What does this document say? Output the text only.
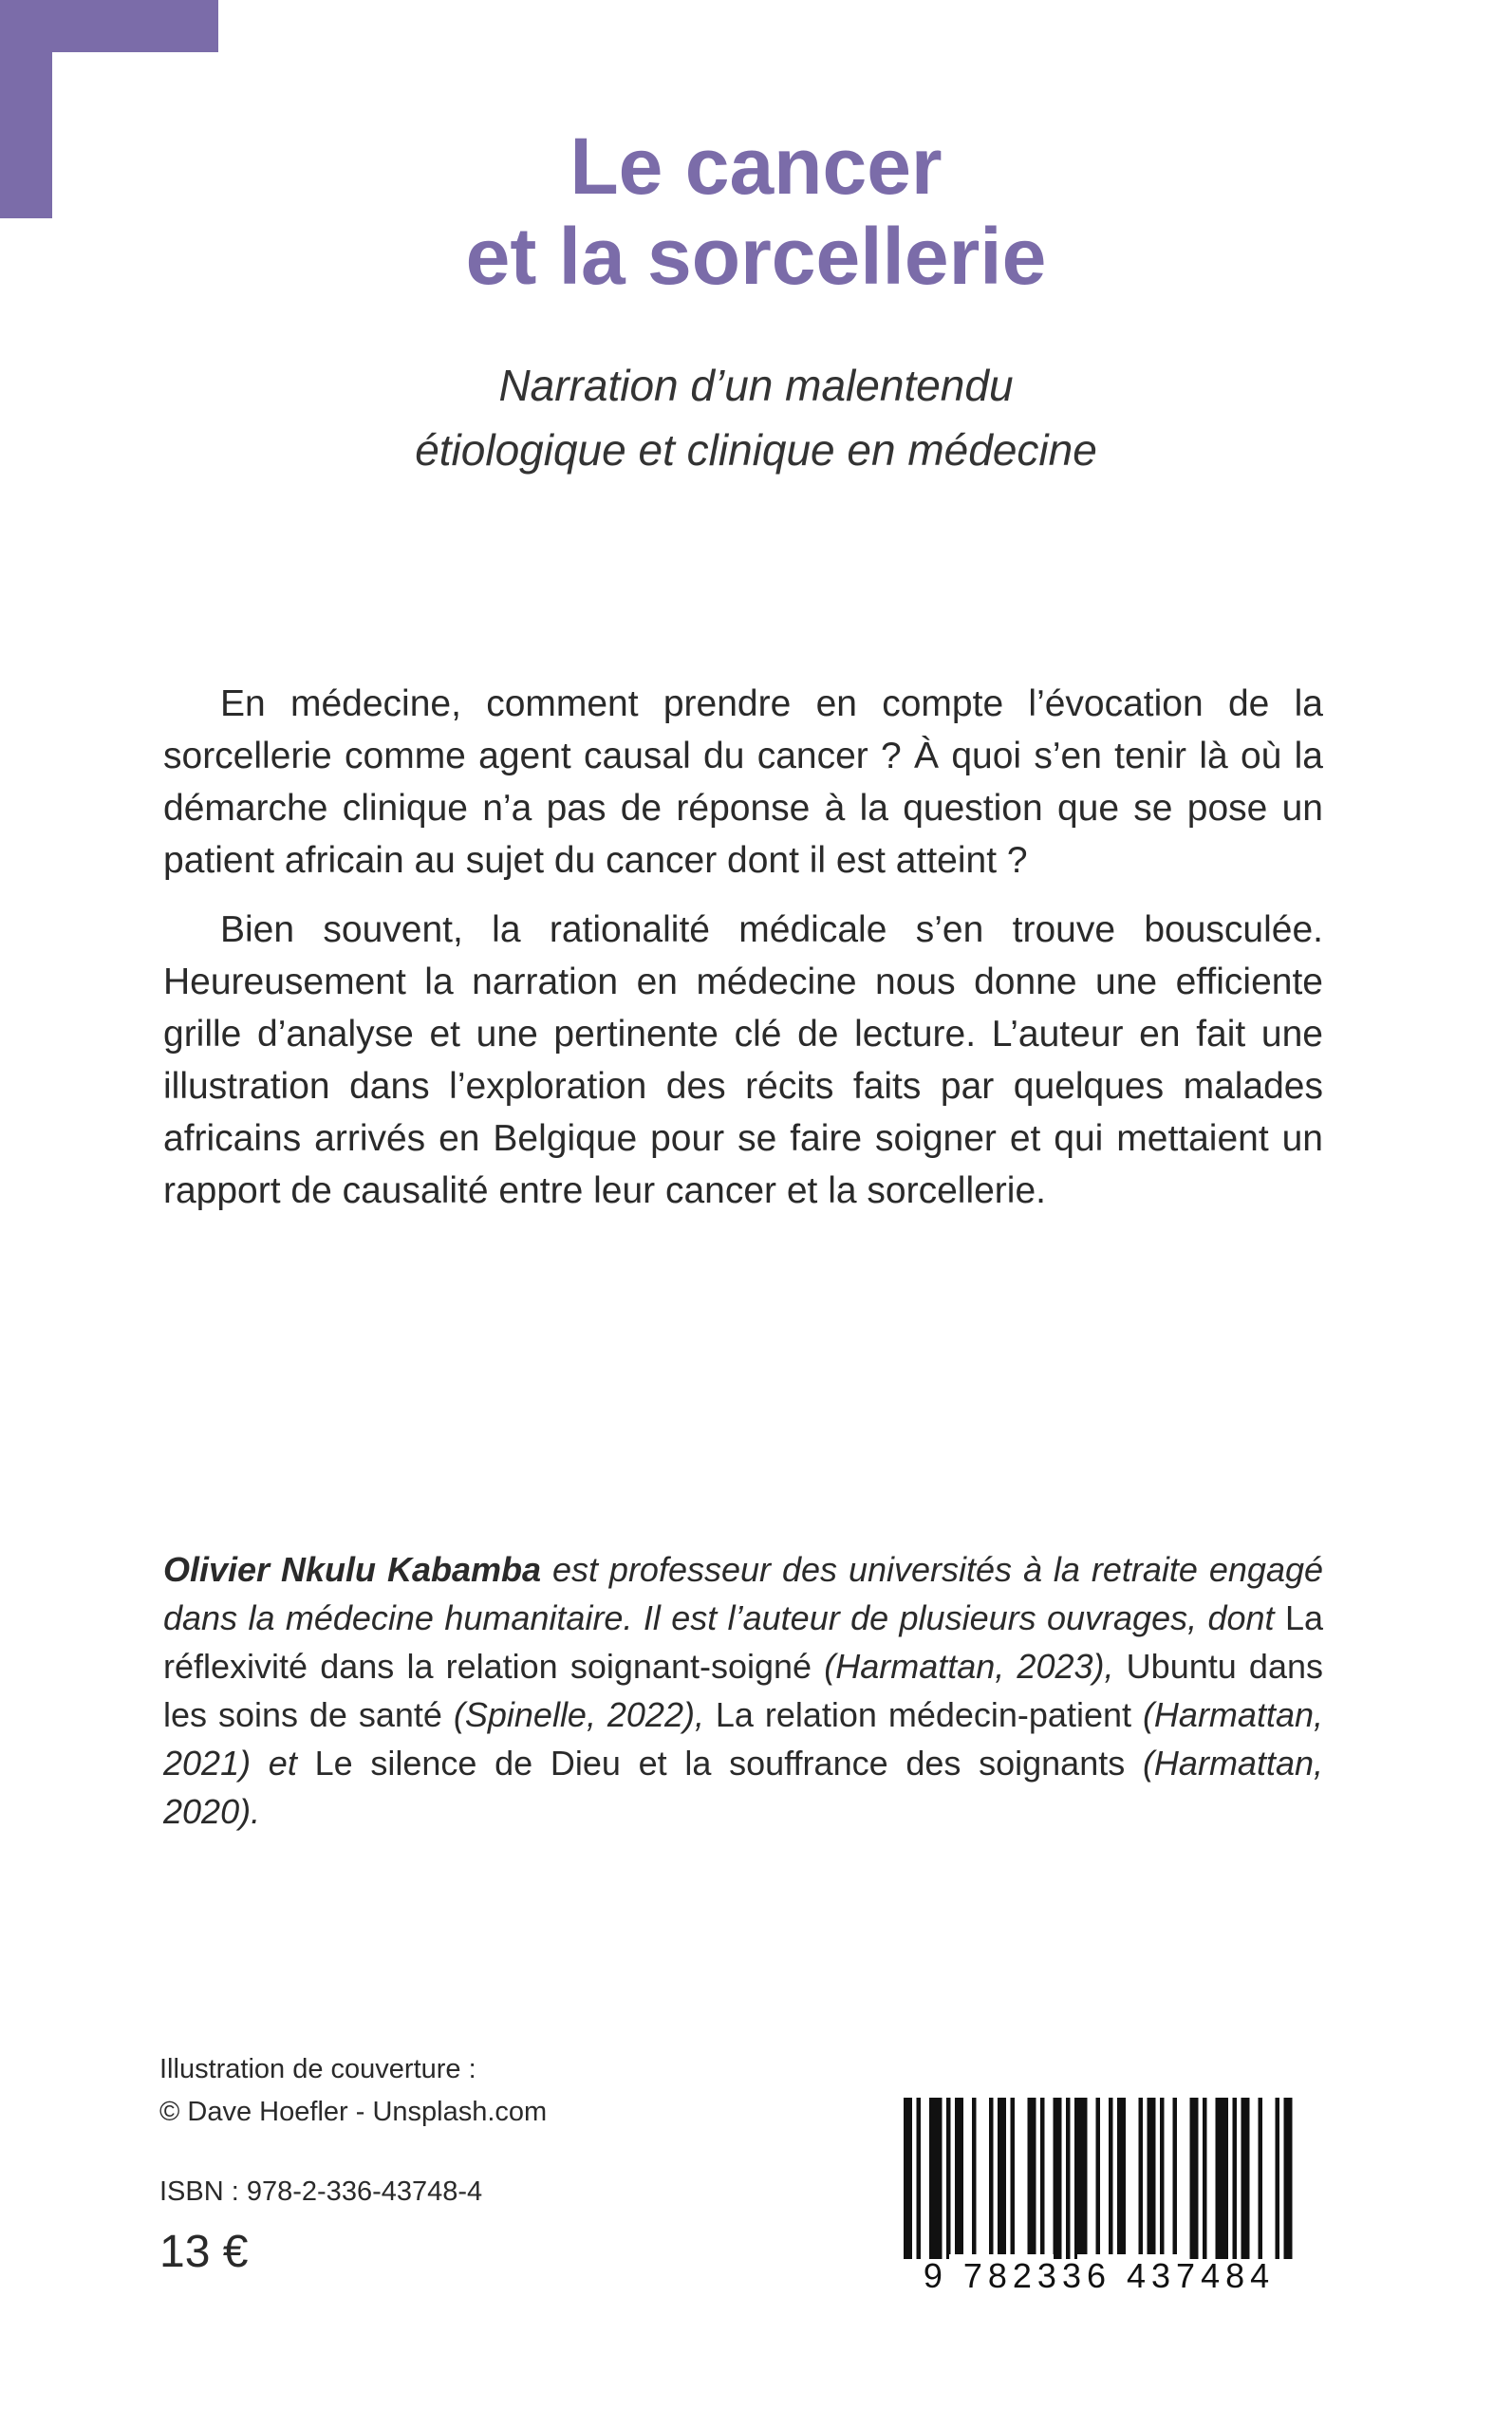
Le cancer
et la sorcellerie
Narration d’un malentendu
étiologique et clinique en médecine

En médecine, comment prendre en compte l’évocation de la sorcellerie comme agent causal du cancer ? À quoi s’en tenir là où la démarche clinique n’a pas de réponse à la question que se pose un patient africain au sujet du cancer dont il est atteint ?

Bien souvent, la rationalité médicale s’en trouve bousculée. Heureusement la narration en médecine nous donne une efficiente grille d’analyse et une pertinente clé de lecture. L’auteur en fait une illustration dans l’exploration des récits faits par quelques malades africains arrivés en Belgique pour se faire soigner et qui mettaient un rapport de causalité entre leur cancer et la sorcellerie.

Olivier Nkulu Kabamba est professeur des universités à la retraite engagé dans la médecine humanitaire. Il est l’auteur de plusieurs ouvrages, dont La réflexivité dans la relation soignant-soigné (Harmattan, 2023), Ubuntu dans les soins de santé (Spinelle, 2022), La relation médecin-patient (Harmattan, 2021) et Le silence de Dieu et la souffrance des soignants (Harmattan, 2020).
Illustration de couverture :
© Dave Hoefler - Unsplash.com
ISBN : 978-2-336-43748-4
13 €	9 782336 437484
